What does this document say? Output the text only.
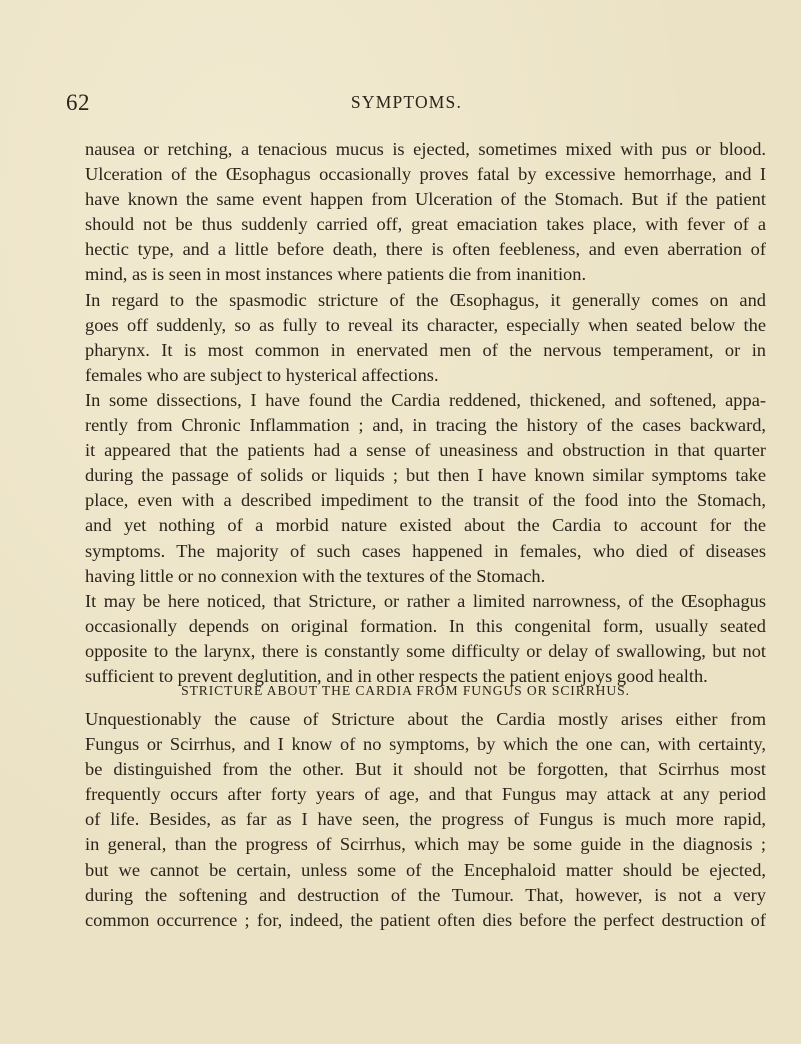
62	SYMPTOMS.
nausea or retching, a tenacious mucus is ejected, sometimes mixed with pus or blood.
Ulceration of the Œsophagus occasionally proves fatal by excessive hemorrhage, and I
have known the same event happen from Ulceration of the Stomach. But if the patient
should not be thus suddenly carried off, great emaciation takes place, with fever of a
hectic type, and a little before death, there is often feebleness, and even aberration of
mind, as is seen in most instances where patients die from inanition.
In regard to the spasmodic stricture of the Œsophagus, it generally comes on and
goes off suddenly, so as fully to reveal its character, especially when seated below the
pharynx. It is most common in enervated men of the nervous temperament, or in
females who are subject to hysterical affections.
In some dissections, I have found the Cardia reddened, thickened, and softened, appa-
rently from Chronic Inflammation ; and, in tracing the history of the cases backward,
it appeared that the patients had a sense of uneasiness and obstruction in that quarter
during the passage of solids or liquids ; but then I have known similar symptoms take
place, even with a described impediment to the transit of the food into the Stomach,
and yet nothing of a morbid nature existed about the Cardia to account for the
symptoms. The majority of such cases happened in females, who died of diseases
having little or no connexion with the textures of the Stomach.
It may be here noticed, that Stricture, or rather a limited narrowness, of the Œsophagus
occasionally depends on original formation. In this congenital form, usually seated
opposite to the larynx, there is constantly some difficulty or delay of swallowing, but not
sufficient to prevent deglutition, and in other respects the patient enjoys good health.
STRICTURE ABOUT THE CARDIA FROM FUNGUS OR SCIRRHUS.
Unquestionably the cause of Stricture about the Cardia mostly arises either from
Fungus or Scirrhus, and I know of no symptoms, by which the one can, with certainty,
be distinguished from the other. But it should not be forgotten, that Scirrhus most
frequently occurs after forty years of age, and that Fungus may attack at any period
of life. Besides, as far as I have seen, the progress of Fungus is much more rapid,
in general, than the progress of Scirrhus, which may be some guide in the diagnosis ;
but we cannot be certain, unless some of the Encephaloid matter should be ejected,
during the softening and destruction of the Tumour. That, however, is not a very
common occurrence ; for, indeed, the patient often dies before the perfect destruction of
